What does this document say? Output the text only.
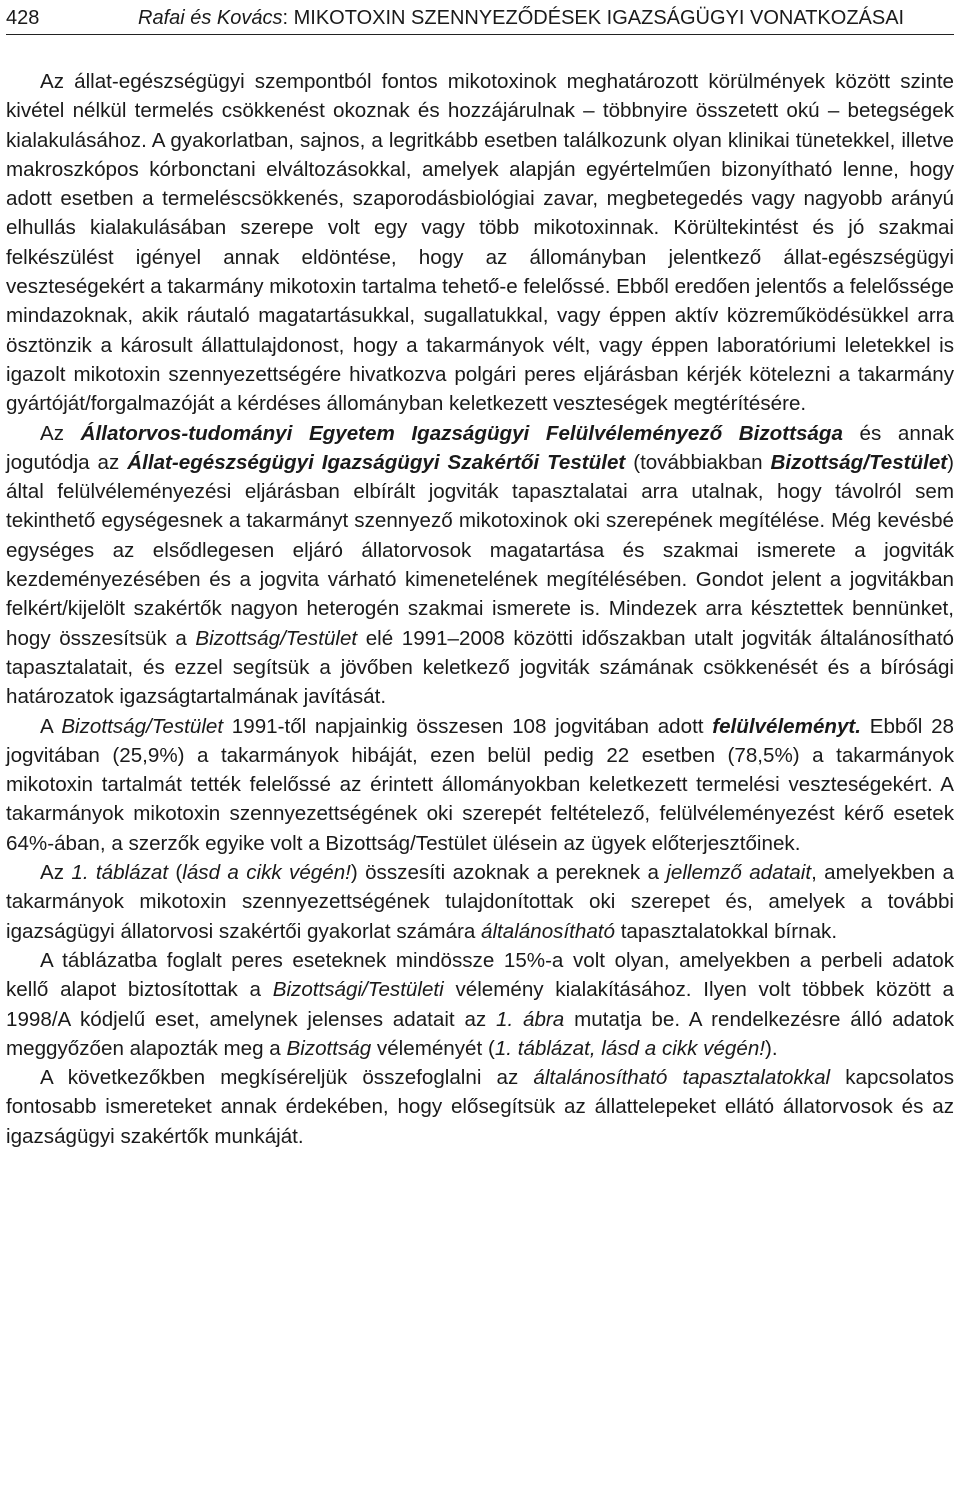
428	Rafai és Kovács: MIKOTOXIN SZENNYEZŐDÉSEK IGAZSÁGÜGYI VONATKOZÁSAI

Az állat-egészségügyi szempontból fontos mikotoxinok meghatározott körülmények között szinte kivétel nélkül termelés csökkenést okoznak és hozzájárulnak – többnyire összetett okú – betegségek kialakulásához. A gyakorlatban, sajnos, a legritkább esetben találkozunk olyan klinikai tünetekkel, illetve makroszkópos kórbonctani elváltozásokkal, amelyek alapján egyértelműen bizonyítható lenne, hogy adott esetben a termeléscsökkenés, szaporodásbiológiai zavar, megbetegedés vagy nagyobb arányú elhullás kialakulásában szerepe volt egy vagy több mikotoxinnak. Körültekintést és jó szakmai felkészülést igényel annak eldöntése, hogy az állományban jelentkező állat-egészségügyi veszteségekért a takarmány mikotoxin tartalma tehető-e felelőssé. Ebből eredően jelentős a felelőssége mindazoknak, akik ráutaló magatartásukkal, sugallatukkal, vagy éppen aktív közreműködésükkel arra ösztönzik a károsult állattulajdonost, hogy a takarmányok vélt, vagy éppen laboratóriumi leletekkel is igazolt mikotoxin szennyezettségére hivatkozva polgári peres eljárásban kérjék kötelezni a takarmány gyártóját/forgalmazóját a kérdéses állományban keletkezett veszteségek megtérítésére.

Az Állatorvos-tudományi Egyetem Igazságügyi Felülvéleményező Bizottsága és annak jogutódja az Állat-egészségügyi Igazságügyi Szakértői Testület (továbbiakban Bizottság/Testület) által felülvéleményezési eljárásban elbírált jogviták tapasztalatai arra utalnak, hogy távolról sem tekinthető egységesnek a takarmányt szennyező mikotoxinok oki szerepének megítélése. Még kevésbé egységes az elsődlegesen eljáró állatorvosok magatartása és szakmai ismerete a jogviták kezdeményezésében és a jogvita várható kimenetelének megítélésében. Gondot jelent a jogvitákban felkért/kijelölt szakértők nagyon heterogén szakmai ismerete is. Mindezek arra késztettek bennünket, hogy összesítsük a Bizottság/Testület elé 1991–2008 közötti időszakban utalt jogviták általánosítható tapasztalatait, és ezzel segítsük a jövőben keletkező jogviták számának csökkenését és a bírósági határozatok igazságtartalmának javítását.

A Bizottság/Testület 1991-től napjainkig összesen 108 jogvitában adott felülvéleményt. Ebből 28 jogvitában (25,9%) a takarmányok hibáját, ezen belül pedig 22 esetben (78,5%) a takarmányok mikotoxin tartalmát tették felelőssé az érintett állományokban keletkezett termelési veszteségekért. A takarmányok mikotoxin szennyezettségének oki szerepét feltételező, felülvéleményezést kérő esetek 64%-ában, a szerzők egyike volt a Bizottság/Testület ülésein az ügyek előterjesztőinek.

Az 1. táblázat (lásd a cikk végén!) összesíti azoknak a pereknek a jellemző adatait, amelyekben a takarmányok mikotoxin szennyezettségének tulajdonítottak oki szerepet és, amelyek a további igazságügyi állatorvosi szakértői gyakorlat számára általánosítható tapasztalatokkal bírnak.

A táblázatba foglalt peres eseteknek mindössze 15%-a volt olyan, amelyekben a perbeli adatok kellő alapot biztosítottak a Bizottsági/Testületi vélemény kialakításához. Ilyen volt többek között a 1998/A kódjelű eset, amelynek jelenses adatait az 1. ábra mutatja be. A rendelkezésre álló adatok meggyőzően alapozták meg a Bizottság véleményét (1. táblázat, lásd a cikk végén!).

A következőkben megkíséreljük összefoglalni az általánosítható tapasztalatokkal kapcsolatos fontosabb ismereteket annak érdekében, hogy elősegítsük az állattelepeket ellátó állatorvosok és az igazságügyi szakértők munkáját.
